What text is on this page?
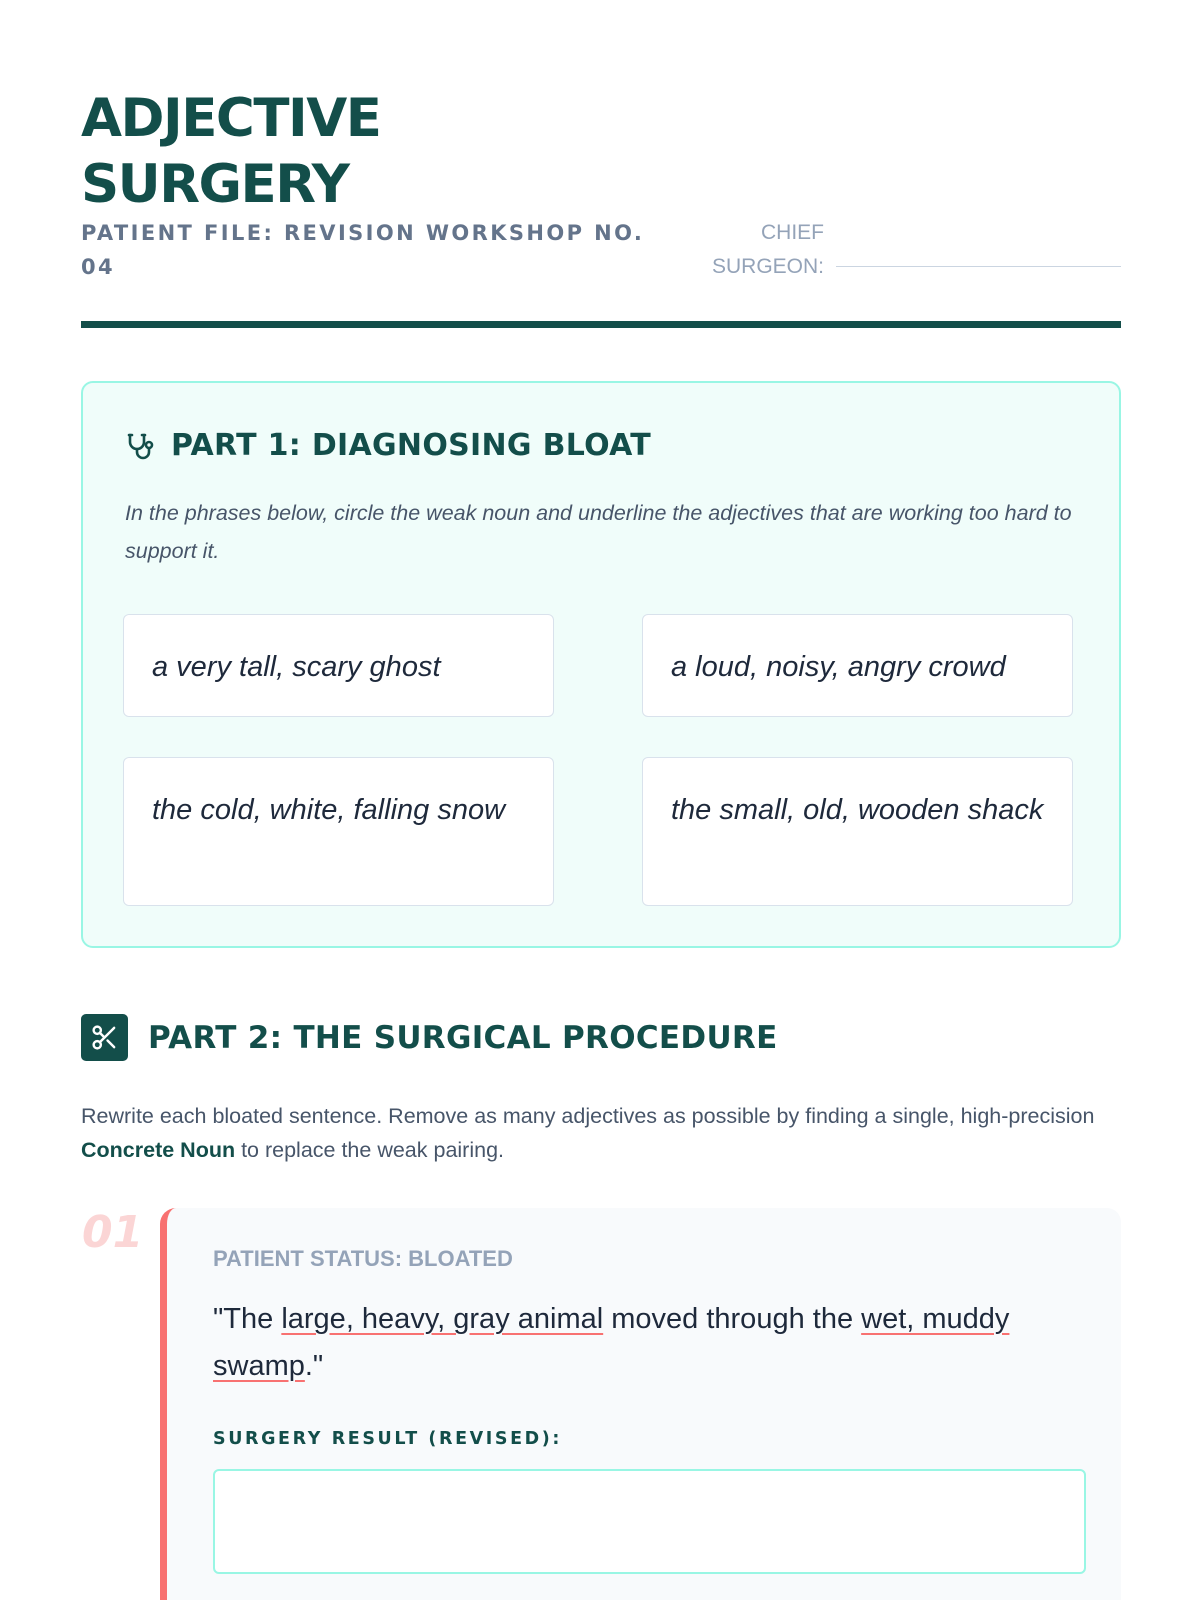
ADJECTIVE
SURGERY
PATIENT FILE: REVISION WORKSHOP NO. 04
CHIEF SURGEON:
PART 1: DIAGNOSING BLOAT

In the phrases below, circle the weak noun and underline the adjectives that are working too hard to support it.

a very tall, scary ghost	a loud, noisy, angry crowd
the cold, white, falling snow	the small, old, wooden shack
PART 2: THE SURGICAL PROCEDURE

Rewrite each bloated sentence. Remove as many adjectives as possible by finding a single, high-precision Concrete Noun to replace the weak pairing.

01
PATIENT STATUS: BLOATED

"The large, heavy, gray animal moved through the wet, muddy swamp."

SURGERY RESULT (REVISED):
